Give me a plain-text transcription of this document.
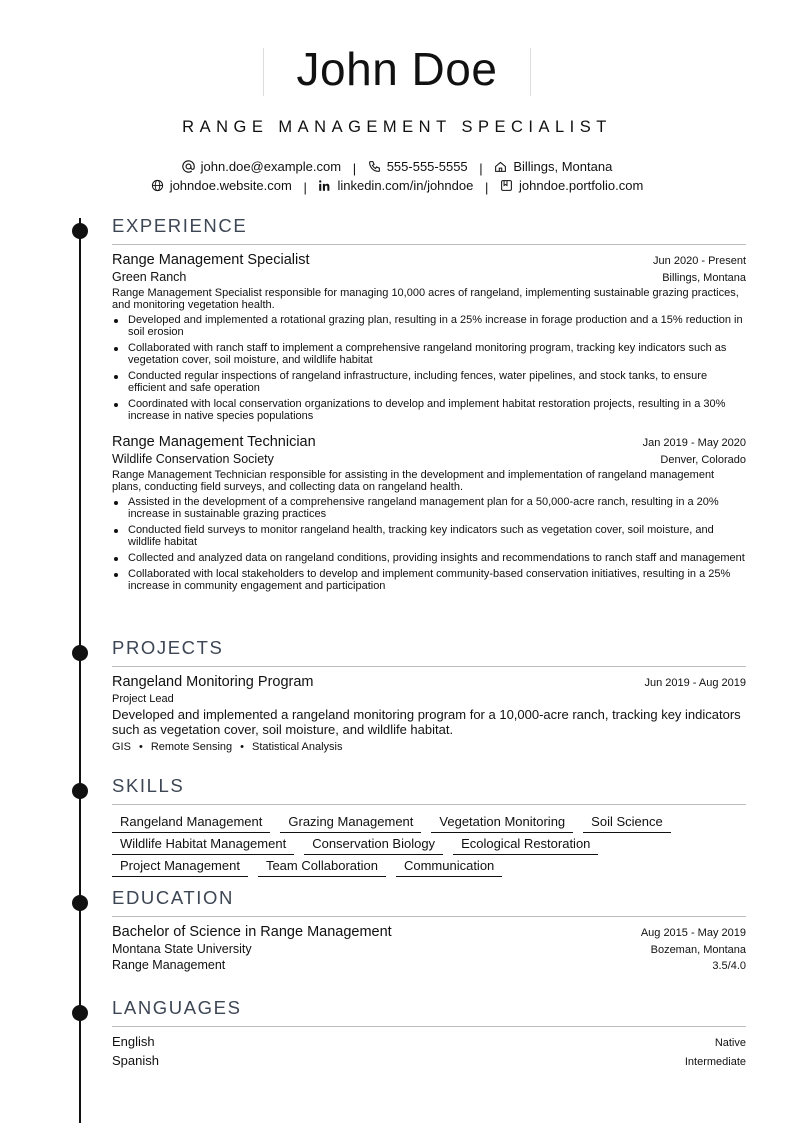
John Doe
RANGE MANAGEMENT SPECIALIST
john.doe@example.com | 555-555-5555 | Billings, Montana
johndoe.website.com | linkedin.com/in/johndoe | johndoe.portfolio.com
EXPERIENCE
Range Management Specialist	Jun 2020 - Present
Green Ranch	Billings, Montana
Range Management Specialist responsible for managing 10,000 acres of rangeland, implementing sustainable grazing practices, and monitoring vegetation health.
Developed and implemented a rotational grazing plan, resulting in a 25% increase in forage production and a 15% reduction in soil erosion
Collaborated with ranch staff to implement a comprehensive rangeland monitoring program, tracking key indicators such as vegetation cover, soil moisture, and wildlife habitat
Conducted regular inspections of rangeland infrastructure, including fences, water pipelines, and stock tanks, to ensure efficient and safe operation
Coordinated with local conservation organizations to develop and implement habitat restoration projects, resulting in a 30% increase in native species populations
Range Management Technician	Jan 2019 - May 2020
Wildlife Conservation Society	Denver, Colorado
Range Management Technician responsible for assisting in the development and implementation of rangeland management plans, conducting field surveys, and collecting data on rangeland health.
Assisted in the development of a comprehensive rangeland management plan for a 50,000-acre ranch, resulting in a 20% increase in sustainable grazing practices
Conducted field surveys to monitor rangeland health, tracking key indicators such as vegetation cover, soil moisture, and wildlife habitat
Collected and analyzed data on rangeland conditions, providing insights and recommendations to ranch staff and management
Collaborated with local stakeholders to develop and implement community-based conservation initiatives, resulting in a 25% increase in community engagement and participation
PROJECTS
Rangeland Monitoring Program	Jun 2019 - Aug 2019
Project Lead
Developed and implemented a rangeland monitoring program for a 10,000-acre ranch, tracking key indicators such as vegetation cover, soil moisture, and wildlife habitat.
GIS • Remote Sensing • Statistical Analysis
SKILLS
Rangeland Management	Grazing Management	Vegetation Monitoring	Soil Science
Wildlife Habitat Management	Conservation Biology	Ecological Restoration
Project Management	Team Collaboration	Communication
EDUCATION
Bachelor of Science in Range Management	Aug 2015 - May 2019
Montana State University	Bozeman, Montana
Range Management	3.5/4.0
LANGUAGES
English	Native
Spanish	Intermediate
